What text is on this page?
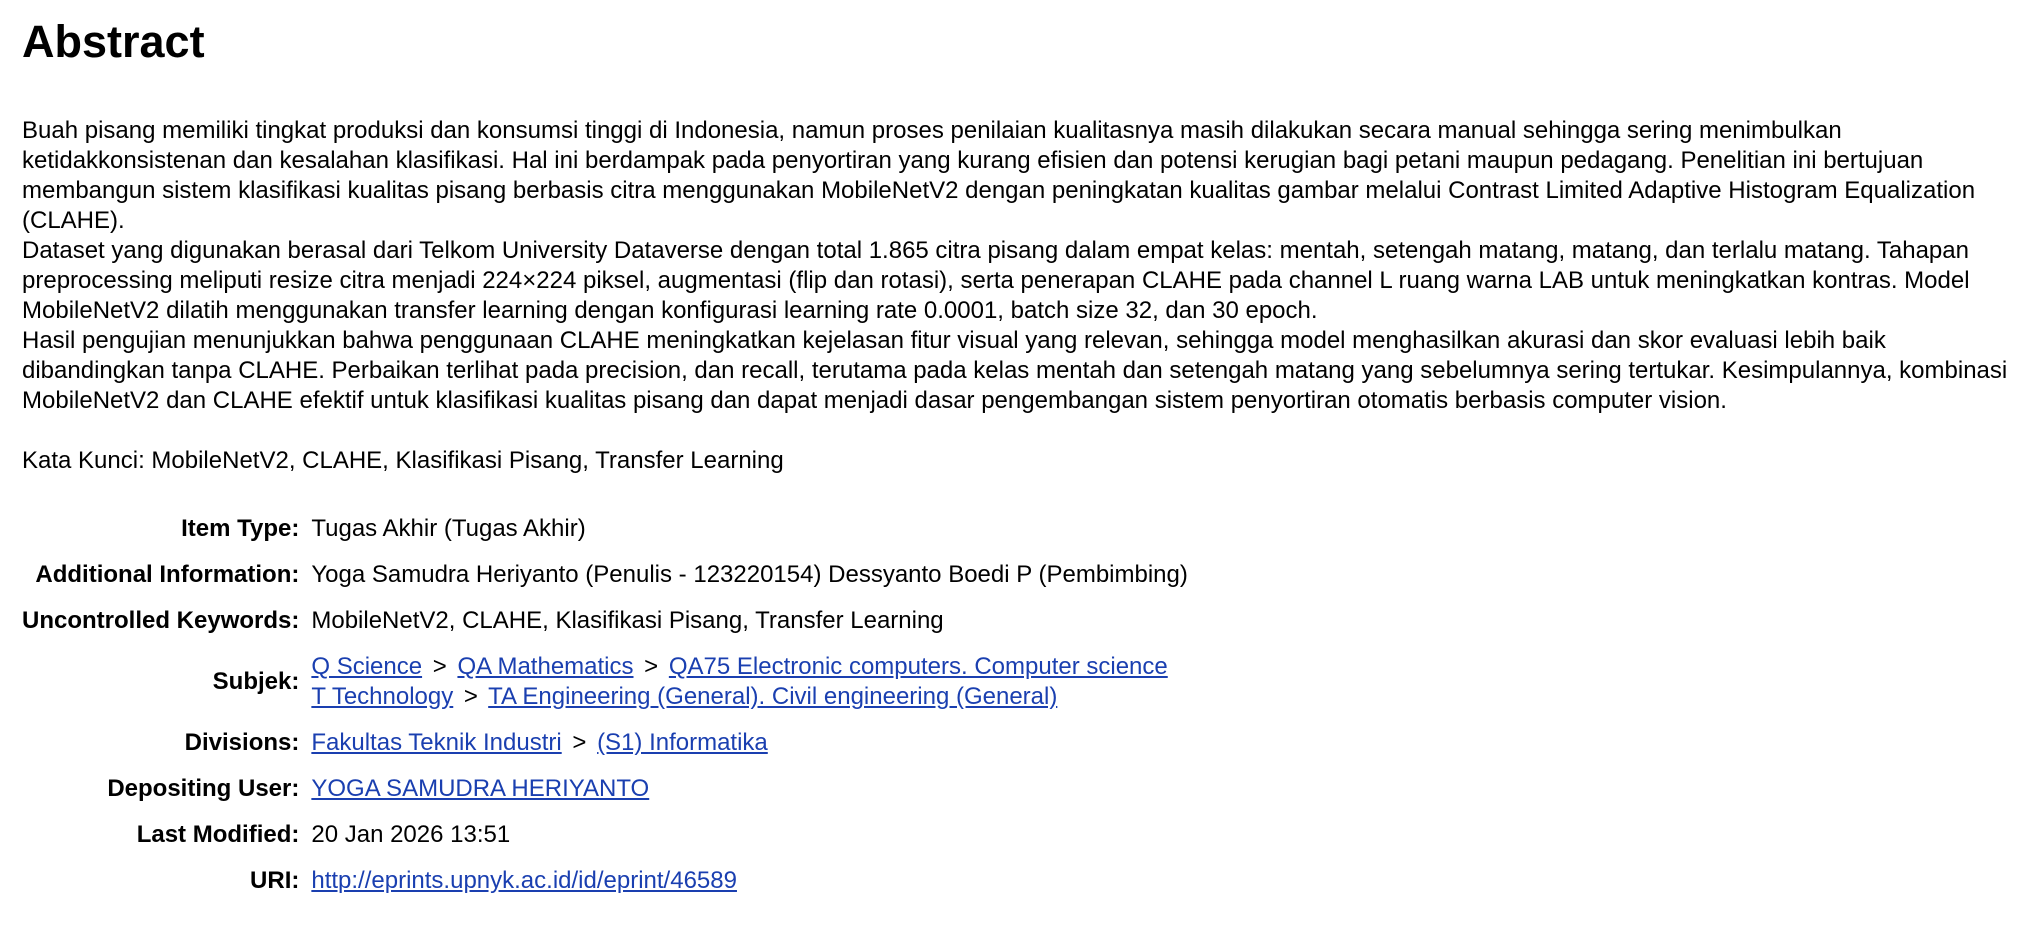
Abstract

Buah pisang memiliki tingkat produksi dan konsumsi tinggi di Indonesia, namun proses penilaian kualitasnya masih dilakukan secara manual sehingga sering menimbulkan ketidakkonsistenan dan kesalahan klasifikasi. Hal ini berdampak pada penyortiran yang kurang efisien dan potensi kerugian bagi petani maupun pedagang. Penelitian ini bertujuan membangun sistem klasifikasi kualitas pisang berbasis citra menggunakan MobileNetV2 dengan peningkatan kualitas gambar melalui Contrast Limited Adaptive Histogram Equalization (CLAHE).

Dataset yang digunakan berasal dari Telkom University Dataverse dengan total 1.865 citra pisang dalam empat kelas: mentah, setengah matang, matang, dan terlalu matang. Tahapan preprocessing meliputi resize citra menjadi 224×224 piksel, augmentasi (flip dan rotasi), serta penerapan CLAHE pada channel L ruang warna LAB untuk meningkatkan kontras. Model MobileNetV2 dilatih menggunakan transfer learning dengan konfigurasi learning rate 0.0001, batch size 32, dan 30 epoch.

Hasil pengujian menunjukkan bahwa penggunaan CLAHE meningkatkan kejelasan fitur visual yang relevan, sehingga model menghasilkan akurasi dan skor evaluasi lebih baik dibandingkan tanpa CLAHE. Perbaikan terlihat pada precision, dan recall, terutama pada kelas mentah dan setengah matang yang sebelumnya sering tertukar. Kesimpulannya, kombinasi MobileNetV2 dan CLAHE efektif untuk klasifikasi kualitas pisang dan dapat menjadi dasar pengembangan sistem penyortiran otomatis berbasis computer vision.

Kata Kunci: MobileNetV2, CLAHE, Klasifikasi Pisang, Transfer Learning
Item Type:	Tugas Akhir (Tugas Akhir)
Additional Information:	Yoga Samudra Heriyanto (Penulis - 123220154) Dessyanto Boedi P (Pembimbing)
Uncontrolled Keywords:	MobileNetV2, CLAHE, Klasifikasi Pisang, Transfer Learning
Subjek:	Q Science > QA Mathematics > QA75 Electronic computers. Computer science
T Technology > TA Engineering (General). Civil engineering (General)

Divisions:	Fakultas Teknik Industri > (S1) Informatika
Depositing User:	YOGA SAMUDRA HERIYANTO
Last Modified:	20 Jan 2026 13:51
URI:	http://eprints.upnyk.ac.id/id/eprint/46589
